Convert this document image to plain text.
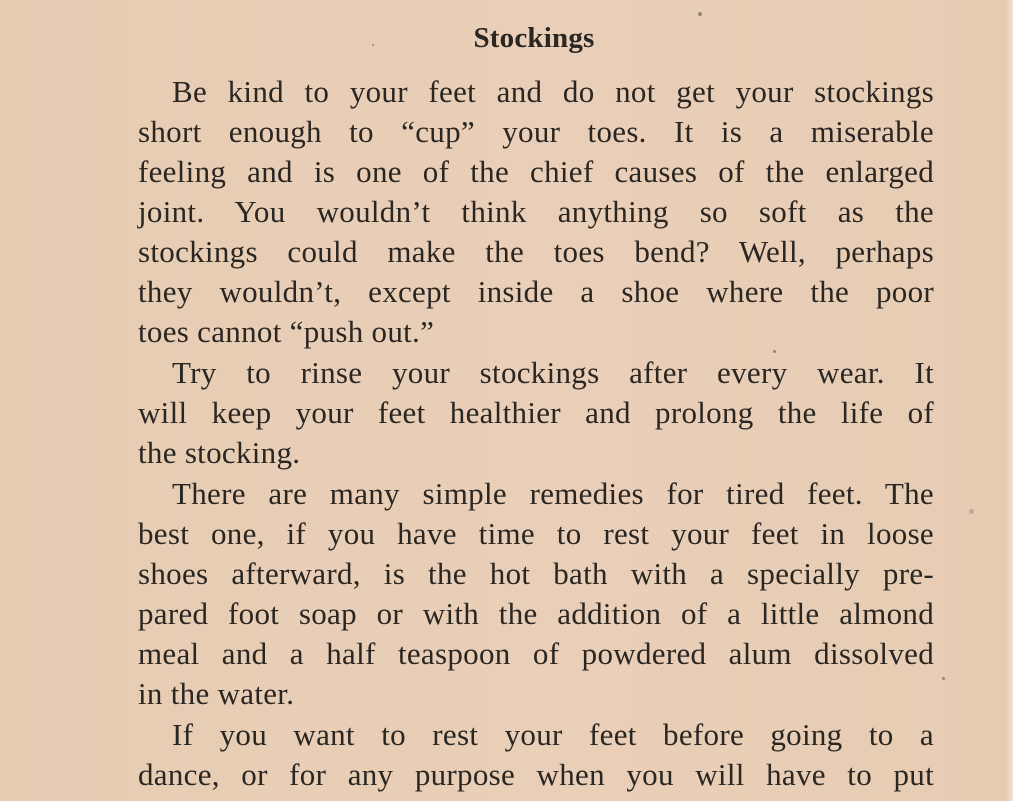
Stockings
Be kind to your feet and do not get your stockings
short enough to “cup” your toes. It is a miserable
feeling and is one of the chief causes of the enlarged
joint. You wouldn’t think anything so soft as the
stockings could make the toes bend? Well, perhaps
they wouldn’t, except inside a shoe where the poor
toes cannot “push out.”
Try to rinse your stockings after every wear. It
will keep your feet healthier and prolong the life of
the stocking.
There are many simple remedies for tired feet. The
best one, if you have time to rest your feet in loose
shoes afterward, is the hot bath with a specially pre-
pared foot soap or with the addition of a little almond
meal and a half teaspoon of powdered alum dissolved
in the water.
If you want to rest your feet before going to a
dance, or for any purpose when you will have to put
